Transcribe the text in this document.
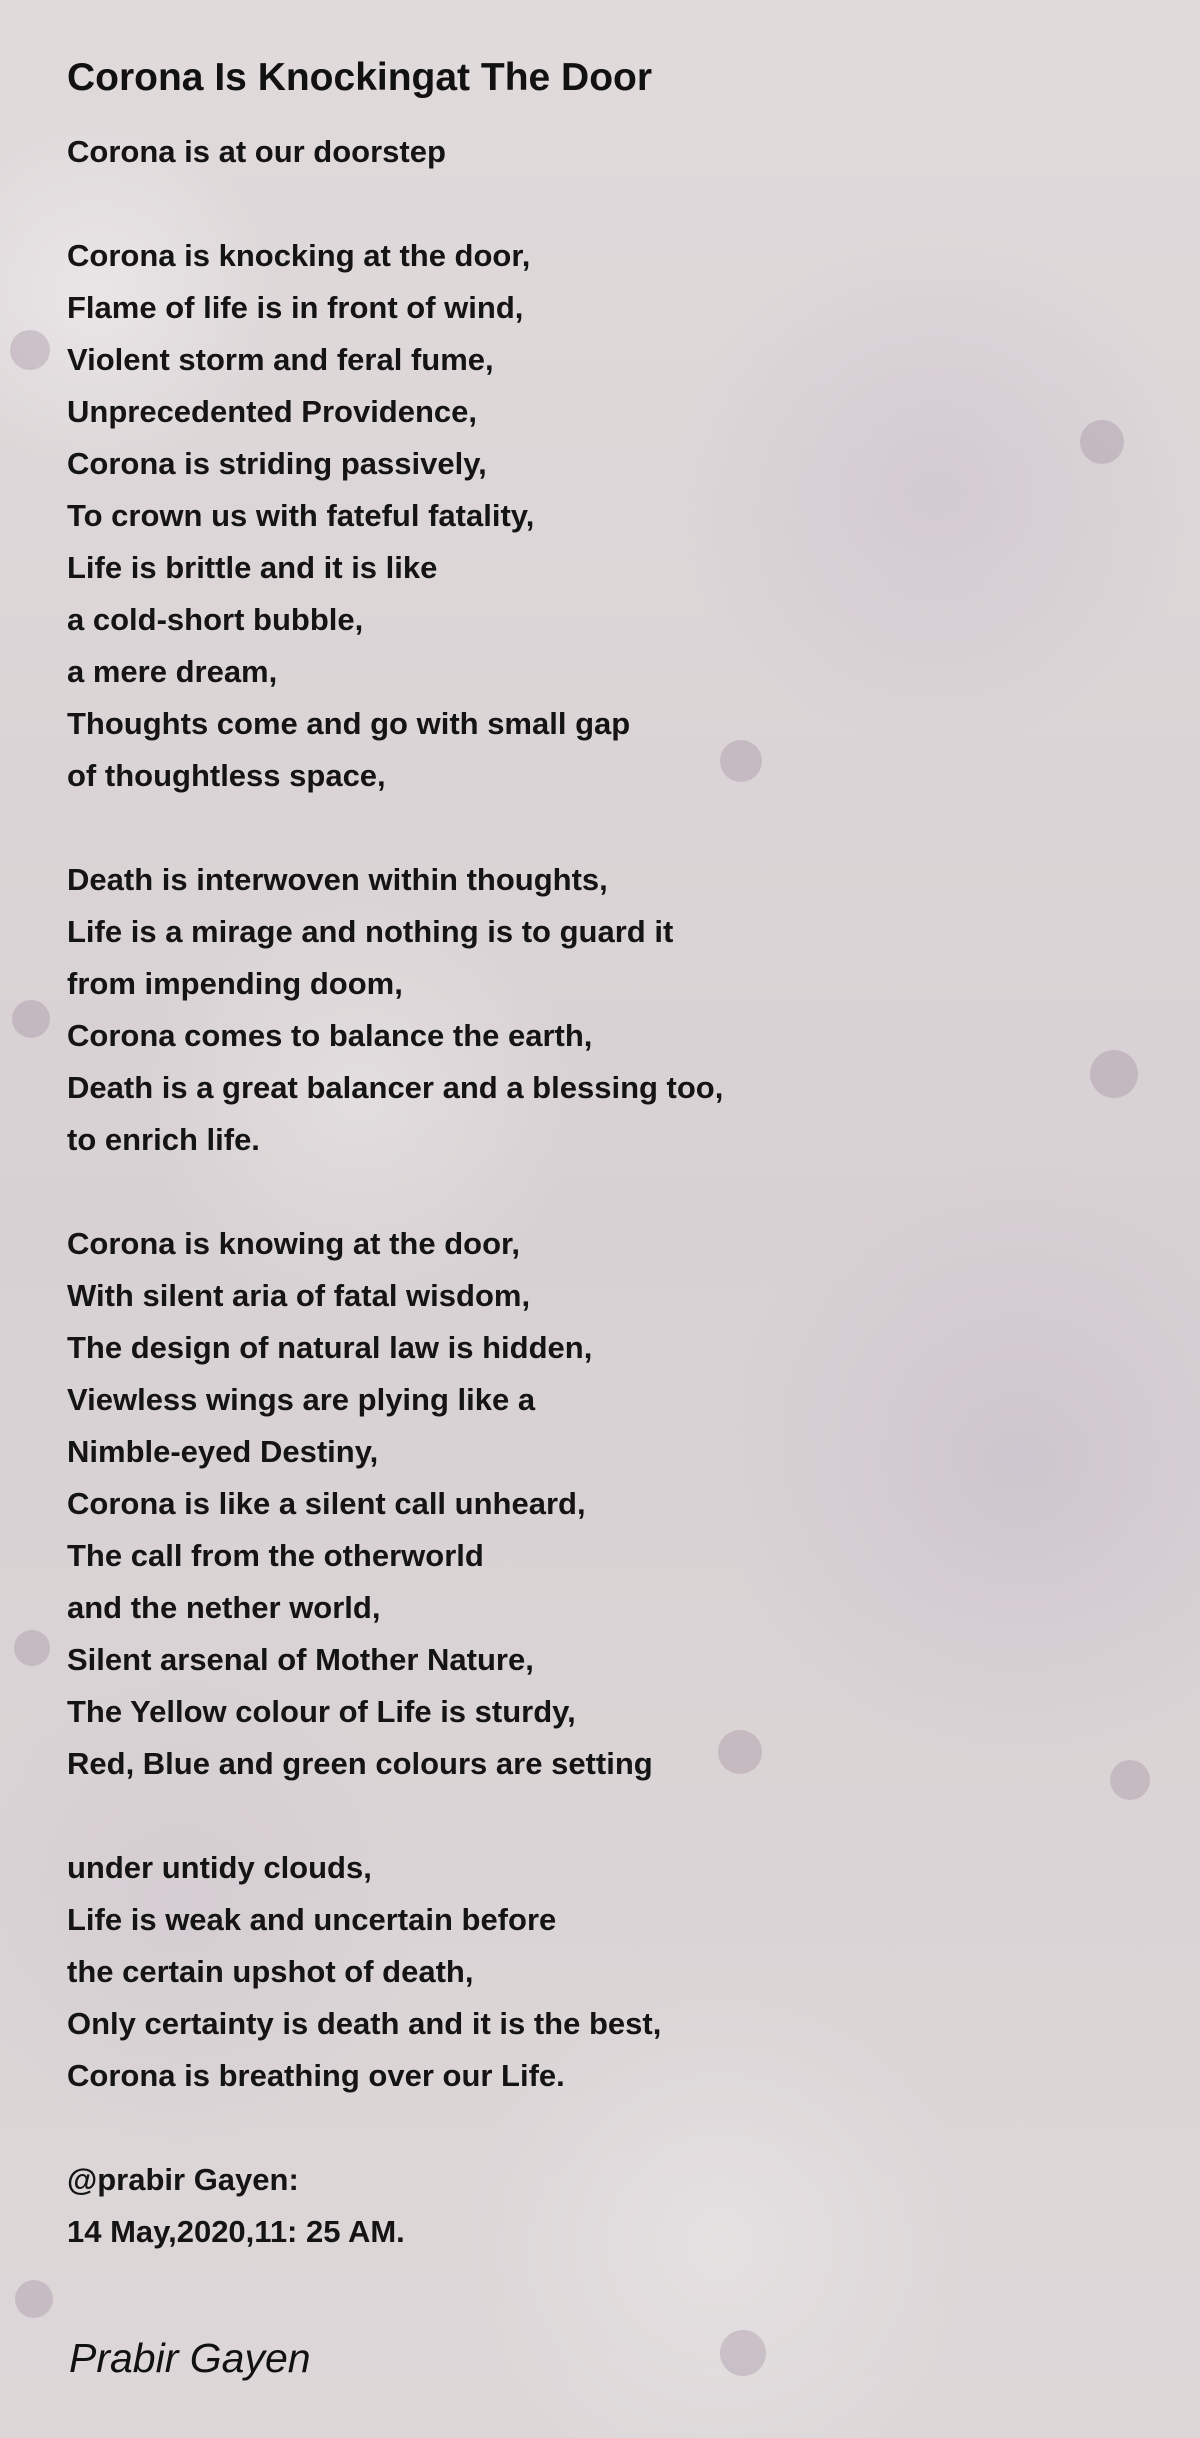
Corona Is Knockingat The Door
Corona is at our doorstep
Corona is knocking at the door,
Flame of life is in front of wind,
Violent storm and feral fume,
Unprecedented Providence,
Corona is striding passively,
To crown us with fateful fatality,
Life is brittle and it is like
a cold-short bubble,
a mere dream,
Thoughts come and go with small gap
of thoughtless space,
Death is interwoven within thoughts,
Life is a mirage and nothing is to guard it
from impending doom,
Corona comes to balance the earth,
Death is a great balancer and a blessing too,
to enrich life.
Corona is knowing at the door,
With silent aria of fatal wisdom,
The design of natural law is hidden,
Viewless wings are plying like a
Nimble-eyed Destiny,
Corona is like a silent call unheard,
The call from the otherworld
and the nether world,
Silent arsenal of Mother Nature,
The Yellow colour of Life is sturdy,
Red, Blue and green colours are setting
under untidy clouds,
Life is weak and uncertain before
the certain upshot of death,
Only certainty is death and it is the best,
Corona is breathing over our Life.
@prabir Gayen:
14 May,2020,11: 25 AM.
Prabir Gayen
